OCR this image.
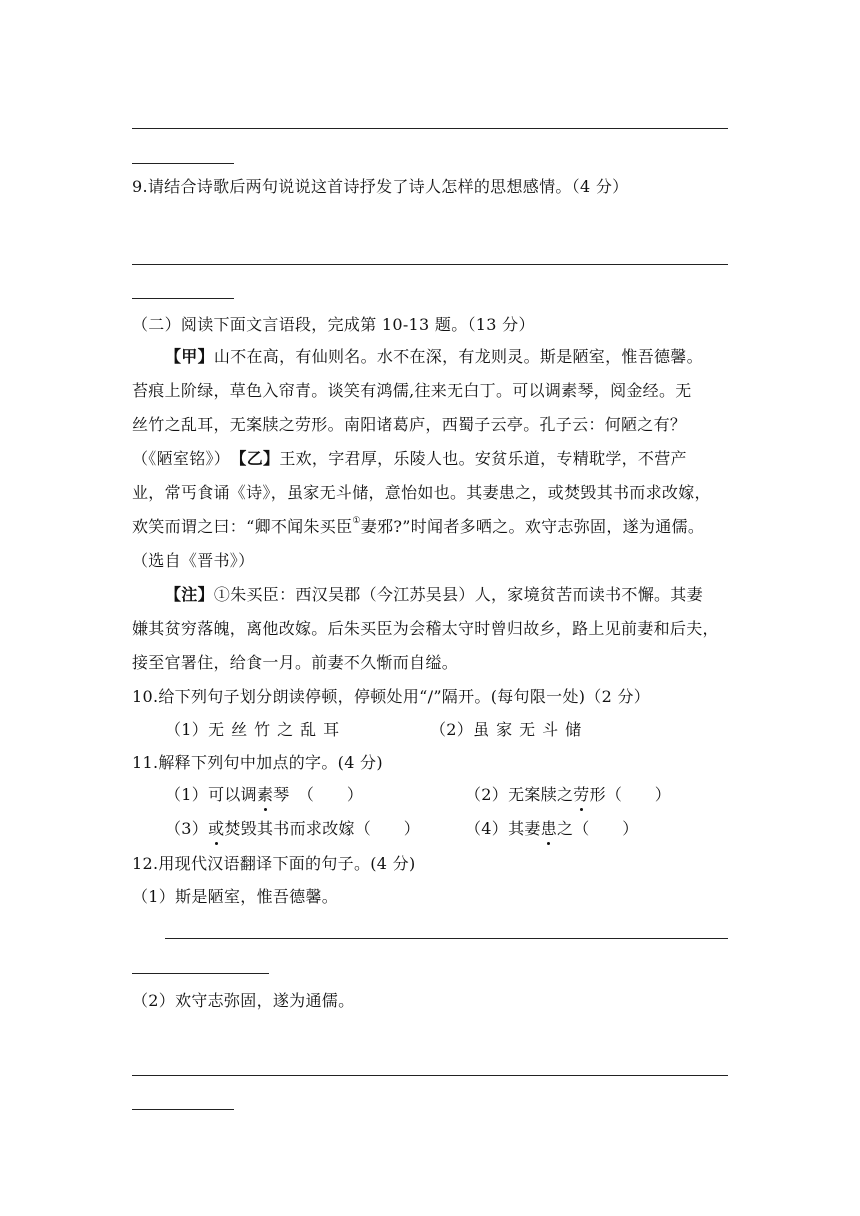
9.请结合诗歌后两句说说这首诗抒发了诗人怎样的思想感情。（4 分）
（二）阅读下面文言语段，完成第 10-13 题。（13 分）
【甲】山不在高，有仙则名。水不在深，有龙则灵。斯是陋室，惟吾德馨。
苔痕上阶绿，草色入帘青。谈笑有鸿儒,往来无白丁。可以调素琴，阅金经。无
丝竹之乱耳，无案牍之劳形。南阳诸葛庐，西蜀子云亭。孔子云：何陋之有？
（《陋室铭》）　 【乙】王欢，字君厚，乐陵人也。安贫乐道，专精耽学，不营产
业，常丐食诵《诗》，虽家无斗储，意怡如也。其妻患之，或焚毁其书而求改嫁，
欢笑而谓之曰：“卿不闻朱买臣①妻邪?”时闻者多哂之。欢守志弥固，遂为通儒。
（选自《晋书》）
【注】①朱买臣：西汉吴郡（今江苏吴县）人，家境贫苦而读书不懈。其妻
嫌其贫穷落魄，离他改嫁。后朱买臣为会稽太守时曾归故乡，路上见前妻和后夫，
接至官署住，给食一月。前妻不久惭而自缢。
10.给下列句子划分朗读停顿，停顿处用“/”隔开。(每句限一处)（2 分）
（1）无丝竹之乱耳	（2）虽家无斗储
11.解释下列句中加点的字。(4 分)
（1）可以调素琴　 （　　）	（2）无案牍之劳形（　　）
（3）或焚毁其书而求改嫁（　　）	（4）其妻患之（　　）
12.用现代汉语翻译下面的句子。(4 分)
（1）斯是陋室，惟吾德馨。
（2）欢守志弥固，遂为通儒。
